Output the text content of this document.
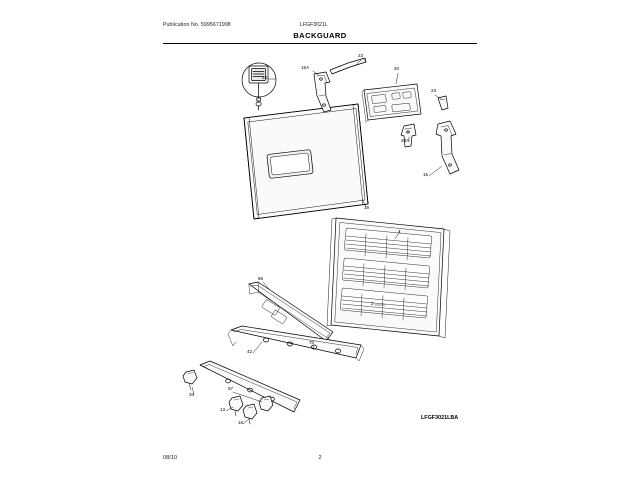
Publication No. 5995671998	LFGF3021L
BACKGUARD
24
15A
23
20
23
20A
15
19
1
2
56
42
70
34
13
16
67
LFGF3021LBA
08/10	2
